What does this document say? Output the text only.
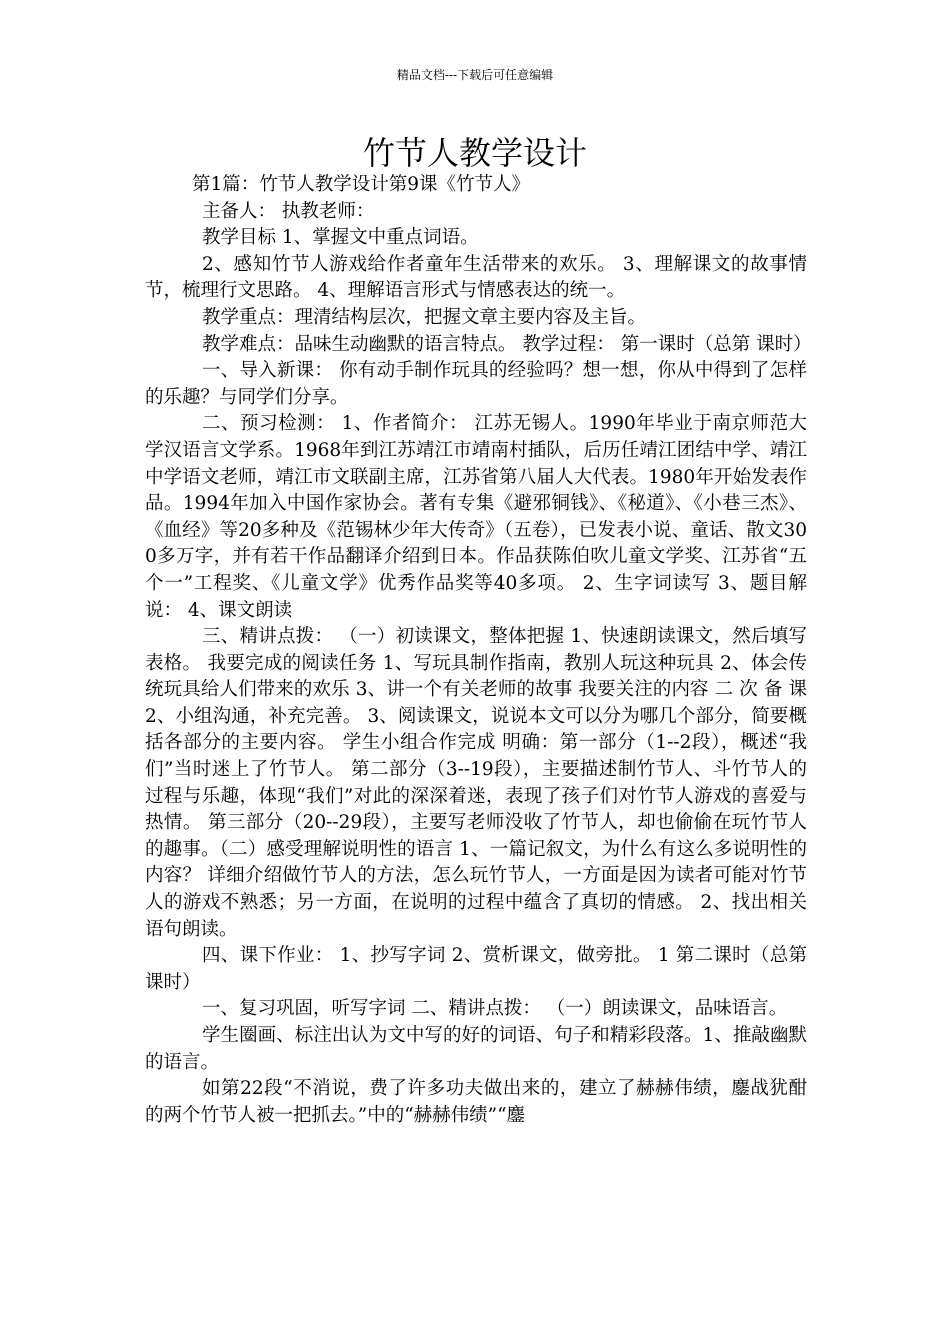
精品文档---下载后可任意编辑
竹节人教学设计

第1篇：竹节人教学设计第9课《竹节人》

主备人： 执教老师：

教学目标 1、掌握文中重点词语。

2、感知竹节人游戏给作者童年生活带来的欢乐。 3、理解课文的故事情节，梳理行文思路。 4、理解语言形式与情感表达的统一。

教学重点：理清结构层次，把握文章主要内容及主旨。

教学难点：品味生动幽默的语言特点。 教学过程： 第一课时（总第 课时）

一、导入新课： 你有动手制作玩具的经验吗？想一想，你从中得到了怎样的乐趣？与同学们分享。

二、预习检测： 1、作者简介： 江苏无锡人。1990年毕业于南京师范大学汉语言文学系。1968年到江苏靖江市靖南村插队，后历任靖江团结中学、靖江中学语文老师，靖江市文联副主席，江苏省第八届人大代表。1980年开始发表作品。1994年加入中国作家协会。著有专集《避邪铜钱》、《秘道》、《小巷三杰》、《血经》等20多种及《范锡林少年大传奇》（五卷），已发表小说、童话、散文300多万字，并有若干作品翻译介绍到日本。作品获陈伯吹儿童文学奖、江苏省“五个一”工程奖、《儿童文学》优秀作品奖等40多项。 2、生字词读写 3、题目解说： 4、课文朗读

三、精讲点拨： （一）初读课文，整体把握 1、快速朗读课文，然后填写表格。 我要完成的阅读任务 1、写玩具制作指南，教别人玩这种玩具 2、体会传统玩具给人们带来的欢乐 3、讲一个有关老师的故事 我要关注的内容 二 次 备 课 2、小组沟通，补充完善。 3、阅读课文，说说本文可以分为哪几个部分，简要概括各部分的主要内容。 学生小组合作完成 明确：第一部分（1--2段），概述“我们”当时迷上了竹节人。 第二部分（3--19段），主要描述制竹节人、斗竹节人的过程与乐趣，体现“我们”对此的深深着迷，表现了孩子们对竹节人游戏的喜爱与热情。 第三部分（20--29段），主要写老师没收了竹节人，却也偷偷在玩竹节人的趣事。（二）感受理解说明性的语言 1、一篇记叙文，为什么有这么多说明性的内容？ 详细介绍做竹节人的方法，怎么玩竹节人，一方面是因为读者可能对竹节人的游戏不熟悉；另一方面，在说明的过程中蕴含了真切的情感。 2、找出相关语句朗读。

四、课下作业： 1、抄写字词 2、赏析课文，做旁批。 1 第二课时（总第 课时）

一、复习巩固，听写字词 二、精讲点拨： （一）朗读课文，品味语言。

学生圈画、标注出认为文中写的好的词语、句子和精彩段落。1、推敲幽默的语言。

如第22段“不消说，费了许多功夫做出来的，建立了赫赫伟绩，鏖战犹酣的两个竹节人被一把抓去。”中的“赫赫伟绩”“鏖
